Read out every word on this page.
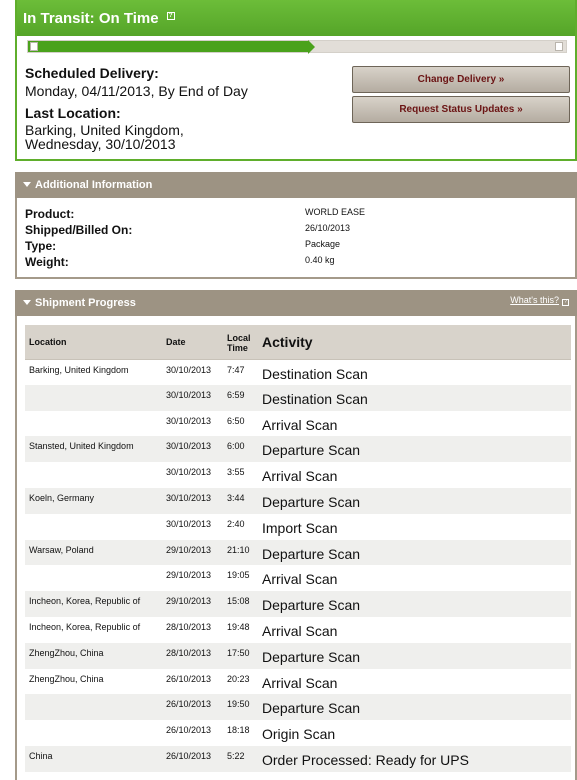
In Transit: On Time ?
Scheduled Delivery:
Monday, 04/11/2013, By End of Day
Last Location:
Barking, United Kingdom,
Wednesday, 30/10/2013
Change Delivery »
Request Status Updates »
Additional Information
Product:	WORLD EASE
Shipped/Billed On:	26/10/2013
Type:	Package
Weight:	0.40 kg
Shipment Progress	What's this? ?
Location	Date	Local Time	Activity
Barking, United Kingdom	30/10/2013	7:47	Destination Scan
	30/10/2013	6:59	Destination Scan
	30/10/2013	6:50	Arrival Scan
Stansted, United Kingdom	30/10/2013	6:00	Departure Scan
	30/10/2013	3:55	Arrival Scan
Koeln, Germany	30/10/2013	3:44	Departure Scan
	30/10/2013	2:40	Import Scan
Warsaw, Poland	29/10/2013	21:10	Departure Scan
	29/10/2013	19:05	Arrival Scan
Incheon, Korea, Republic of	29/10/2013	15:08	Departure Scan
Incheon, Korea, Republic of	28/10/2013	19:48	Arrival Scan
ZhengZhou, China	28/10/2013	17:50	Departure Scan
ZhengZhou, China	26/10/2013	20:23	Arrival Scan
	26/10/2013	19:50	Departure Scan
	26/10/2013	18:18	Origin Scan
China	26/10/2013	5:22	Order Processed: Ready for UPS
